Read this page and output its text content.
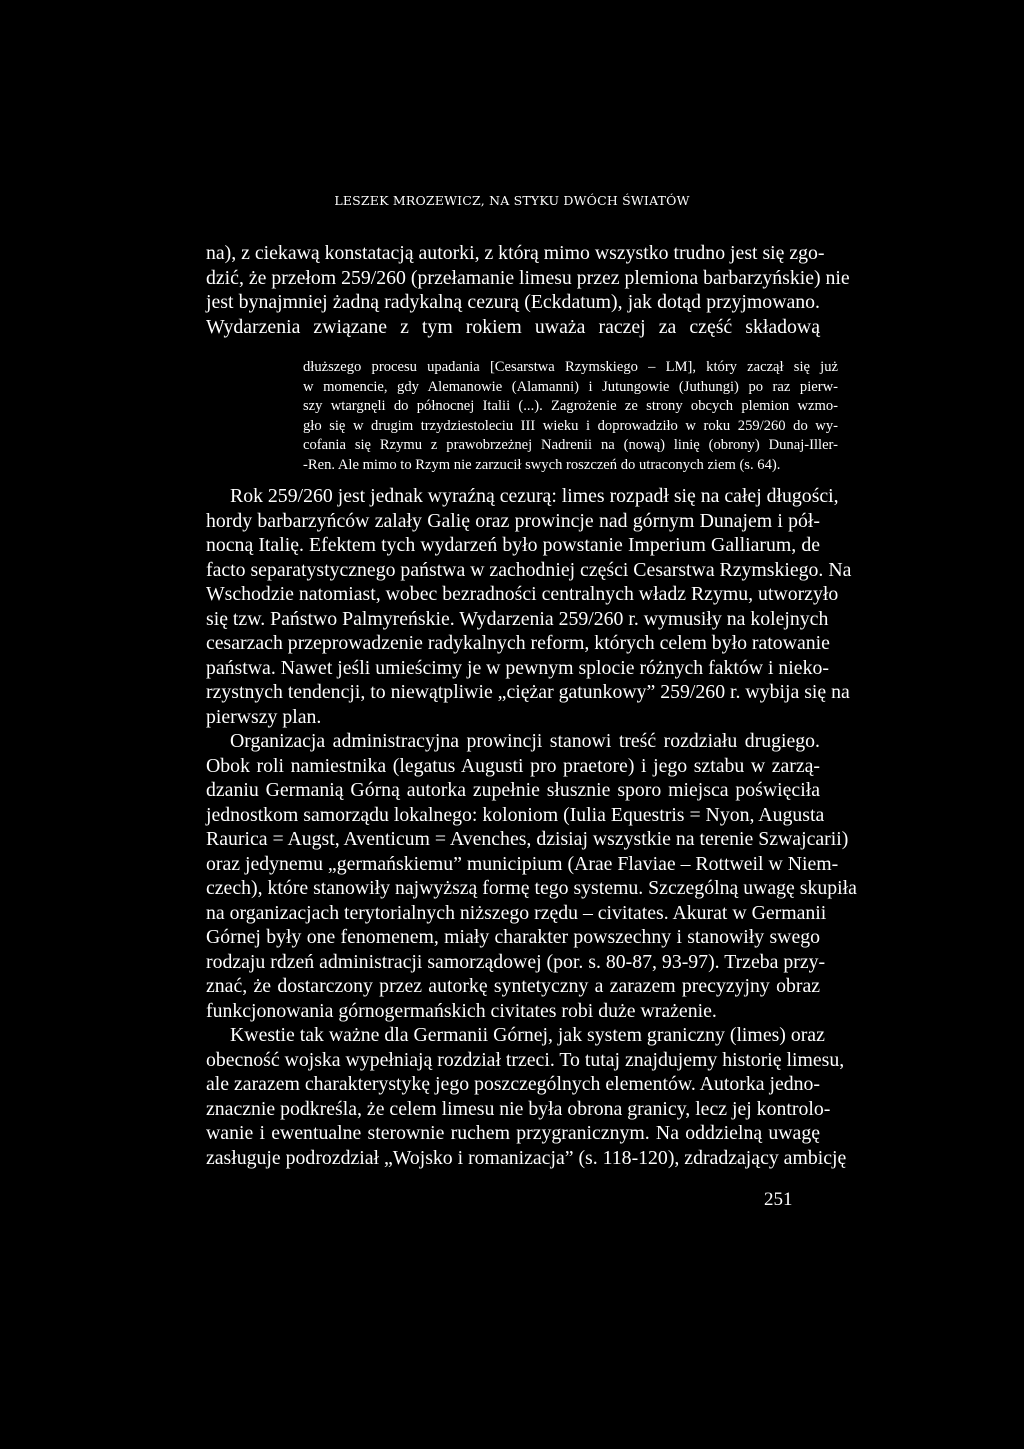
LESZEK MROZEWICZ, NA STYKU DWÓCH ŚWIATÓW

na), z ciekawą konstatacją autorki, z którą mimo wszystko trudno jest się zgo-
dzić, że przełom 259/260 (przełamanie limesu przez plemiona barbarzyńskie) nie
jest bynajmniej żadną radykalną cezurą (Eckdatum), jak dotąd przyjmowano.
Wydarzenia związane z tym rokiem uważa raczej za część składową

dłuższego procesu upadania [Cesarstwa Rzymskiego – LM], który zaczął się już
w momencie, gdy Alemanowie (Alamanni) i Jutungowie (Juthungi) po raz pierw-
szy wtargnęli do północnej Italii (...). Zagrożenie ze strony obcych plemion wzmo-
gło się w drugim trzydziestoleciu III wieku i doprowadziło w roku 259/260 do wy-
cofania się Rzymu z prawobrzeżnej Nadrenii na (nową) linię (obrony) Dunaj-Iller-
-Ren. Ale mimo to Rzym nie zarzucił swych roszczeń do utraconych ziem (s. 64).

Rok 259/260 jest jednak wyraźną cezurą: limes rozpadł się na całej długości,
hordy barbarzyńców zalały Galię oraz prowincje nad górnym Dunajem i pół-
nocną Italię. Efektem tych wydarzeń było powstanie Imperium Galliarum, de
facto separatystycznego państwa w zachodniej części Cesarstwa Rzymskiego. Na
Wschodzie natomiast, wobec bezradności centralnych władz Rzymu, utworzyło
się tzw. Państwo Palmyreńskie. Wydarzenia 259/260 r. wymusiły na kolejnych
cesarzach przeprowadzenie radykalnych reform, których celem było ratowanie
państwa. Nawet jeśli umieścimy je w pewnym splocie różnych faktów i nieko-
rzystnych tendencji, to niewątpliwie „ciężar gatunkowy” 259/260 r. wybija się na
pierwszy plan.

Organizacja administracyjna prowincji stanowi treść rozdziału drugiego.
Obok roli namiestnika (legatus Augusti pro praetore) i jego sztabu w zarzą-
dzaniu Germanią Górną autorka zupełnie słusznie sporo miejsca poświęciła
jednostkom samorządu lokalnego: koloniom (Iulia Equestris = Nyon, Augusta
Raurica = Augst, Aventicum = Avenches, dzisiaj wszystkie na terenie Szwajcarii)
oraz jedynemu „germańskiemu” municipium (Arae Flaviae – Rottweil w Niem-
czech), które stanowiły najwyższą formę tego systemu. Szczególną uwagę skupiła
na organizacjach terytorialnych niższego rzędu – civitates. Akurat w Germanii
Górnej były one fenomenem, miały charakter powszechny i stanowiły swego
rodzaju rdzeń administracji samorządowej (por. s. 80-87, 93-97). Trzeba przy-
znać, że dostarczony przez autorkę syntetyczny a zarazem precyzyjny obraz
funkcjonowania górnogermańskich civitates robi duże wrażenie.

Kwestie tak ważne dla Germanii Górnej, jak system graniczny (limes) oraz
obecność wojska wypełniają rozdział trzeci. To tutaj znajdujemy historię limesu,
ale zarazem charakterystykę jego poszczególnych elementów. Autorka jedno-
znacznie podkreśla, że celem limesu nie była obrona granicy, lecz jej kontrolo-
wanie i ewentualne sterownie ruchem przygranicznym. Na oddzielną uwagę
zasługuje podrozdział „Wojsko i romanizacja” (s. 118-120), zdradzający ambicję

251
